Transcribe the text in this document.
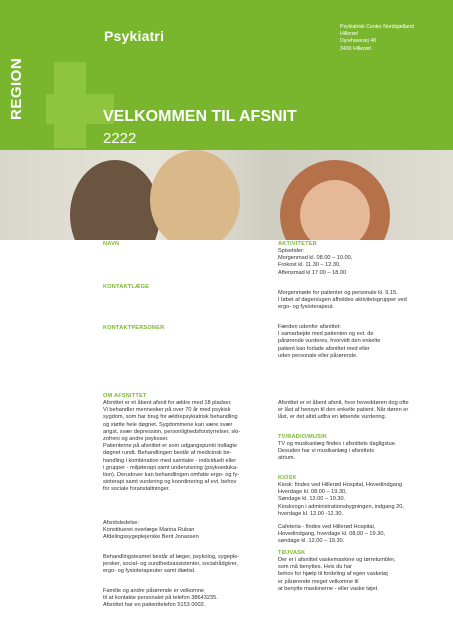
REGION
Psykiatri
Psykiatrisk Center Nordsjælland
Hillerød
Dyrehavevej 48
3400 Hillerød
VELKOMMEN TIL AFSNIT
2222
NAVN
KONTAKTLÆGE
KONTAKTPERSONER
OM AFSNITTET
Afsnittet er et åbent afsnit for ældre med 18 pladser.
Vi behandler mennesker på over 70 år med psykisk
sygdom, som har brug for ældrepsykiatrisk behandling
og støtte hele døgnet. Sygdommene kan være svær
angst, svær depression, personlighedsforstyrrelser, ski-
zofreni og andre psykoser.
Patienterne på afsnittet er som udgangspunkt indlagte
døgnet rundt. Behandlingen består af medicinsk be-
handling i kombination med samtaler - individuelt eller
i grupper - miljøterapi samt undervisning (psykoeduka-
tion). Derudover kan behandlingen omfatte ergo- og fy-
sioterapi samt vurdering og koordinering af evt. behov
for sociale foranstaltninger.
Afsnitsledelse:
Konstitueret overlæge Marina Ruban
Afdelingssygeplejerske Berit Jonassen
Behandlingsteamet består af læger, psykolog, sygeple-
jersker, social- og sundhedsassistenter, socialrådgiver,
ergo- og fysioterapeuter samt diætist.
Familie og andre pårørende er velkomne
til at kontakte personalet på telefon 38643235.
Afsnittet har en patienttelefon 5153 0002.
AKTIVITETER
Spisetider:
Morgenmad kl. 08.00 – 10.00,
Frokost kl. 11.30 – 12.30,
Aftensmad kl 17.00 – 18.00
Morgenmøde for patienter og personale kl. 9.15.
I løbet af dagen/ugen afholdes aktivitetsgrupper ved
ergo- og fysioterapeut.
Færden udenfor afsnittet:
I samarbejde med patienten og evt. de
pårørende vurderes, hvorvidt den enkelte
patient kan forlade afsnittet med eller
uden personale eller pårørende.
Afsnittet er et åbent afsnit, hvor hoveddøren dog ofte
er låst af hensyn til den enkelte patient. Når døren er
låst, er det altid udfra en løbende vurdering.
TV/RADIO/MUSIK
TV og musikanlæg findes i afsnittets dagligstue.
Desuden har vi musikanlæg i afsnittets
atrium.
KIOSK
Kiosk: findes ved Hillerød Hospital, Hovedindgang
Hverdage kl. 08.00 – 19.30,
Søndage kl. 12.00 – 19.30.
Kioskvogn i administrationsbygningen, indgang 20,
hverdage kl. 12.00 -12.30.
Cafeteria - findes ved Hillerød Hospital,
Hovedindgang, hverdage kl. 08.00 – 19.30,
søndage kl. 12.00 – 19.30.
TØJVASK
Der er i afsnittet vaskemaskine og tørretumbler,
som må benyttes. Hvis du har
behov for hjælp til fordeling af egen vasketøj
er pårørende meget velkomne til
at benytte maskinerne - eller vaske tøjet
